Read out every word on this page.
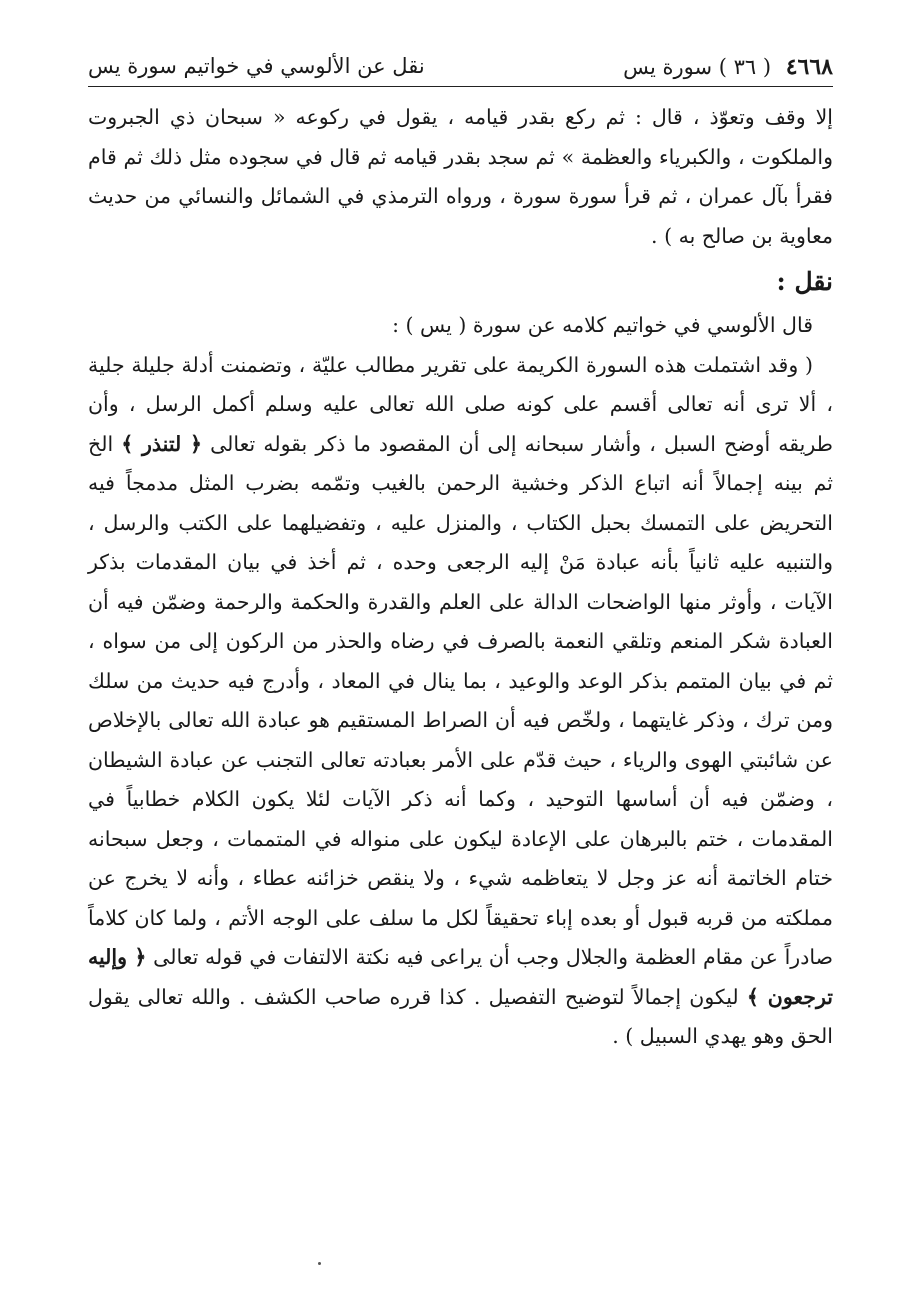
٤٦٦٨ ( ٣٦ ) سورة يس
نقل عن الألوسي في خواتيم سورة يس

إلا وقف وتعوّذ ، قال : ثم ركع بقدر قيامه ، يقول في ركوعه « سبحان ذي الجبروت والملكوت ، والكبرياء والعظمة » ثم سجد بقدر قيامه ثم قال في سجوده مثل ذلك ثم قام فقرأ بآل عمران ، ثم قرأ سورة سورة ، ورواه الترمذي في الشمائل والنسائي من حديث معاوية بن صالح به ) .

نقل :

قال الألوسي في خواتيم كلامه عن سورة ( يس ) :

( وقد اشتملت هذه السورة الكريمة على تقرير مطالب عليّة ، وتضمنت أدلة جليلة جلية ، ألا ترى أنه تعالى أقسم على كونه صلى الله تعالى عليه وسلم أكمل الرسل ، وأن طريقه أوضح السبل ، وأشار سبحانه إلى أن المقصود ما ذكر بقوله تعالى ﴿ لتنذر ﴾ الخ ثم بينه إجمالاً أنه اتباع الذكر وخشية الرحمن بالغيب وتمّمه بضرب المثل مدمجاً فيه التحريض على التمسك بحبل الكتاب ، والمنزل عليه ، وتفضيلهما على الكتب والرسل ، والتنبيه عليه ثانياً بأنه عبادة مَنْ إليه الرجعى وحده ، ثم أخذ في بيان المقدمات بذكر الآيات ، وأوثر منها الواضحات الدالة على العلم والقدرة والحكمة والرحمة وضمّن فيه أن العبادة شكر المنعم وتلقي النعمة بالصرف في رضاه والحذر من الركون إلى من سواه ، ثم في بيان المتمم بذكر الوعد والوعيد ، بما ينال في المعاد ، وأدرج فيه حديث من سلك ومن ترك ، وذكر غايتهما ، ولخّص فيه أن الصراط المستقيم هو عبادة الله تعالى بالإخلاص عن شائبتي الهوى والرياء ، حيث قدّم على الأمر بعبادته تعالى التجنب عن عبادة الشيطان ، وضمّن فيه أن أساسها التوحيد ، وكما أنه ذكر الآيات لئلا يكون الكلام خطابياً في المقدمات ، ختم بالبرهان على الإعادة ليكون على منواله في المتممات ، وجعل سبحانه ختام الخاتمة أنه عز وجل لا يتعاظمه شيء ، ولا ينقص خزائنه عطاء ، وأنه لا يخرج عن مملكته من قربه قبول أو بعده إباء تحقيقاً لكل ما سلف على الوجه الأتم ، ولما كان كلاماً صادراً عن مقام العظمة والجلال وجب أن يراعى فيه نكتة الالتفات في قوله تعالى ﴿ وإليه ترجعون ﴾ ليكون إجمالاً لتوضيح التفصيل . كذا قرره صاحب الكشف . والله تعالى يقول الحق وهو يهدي السبيل ) .
